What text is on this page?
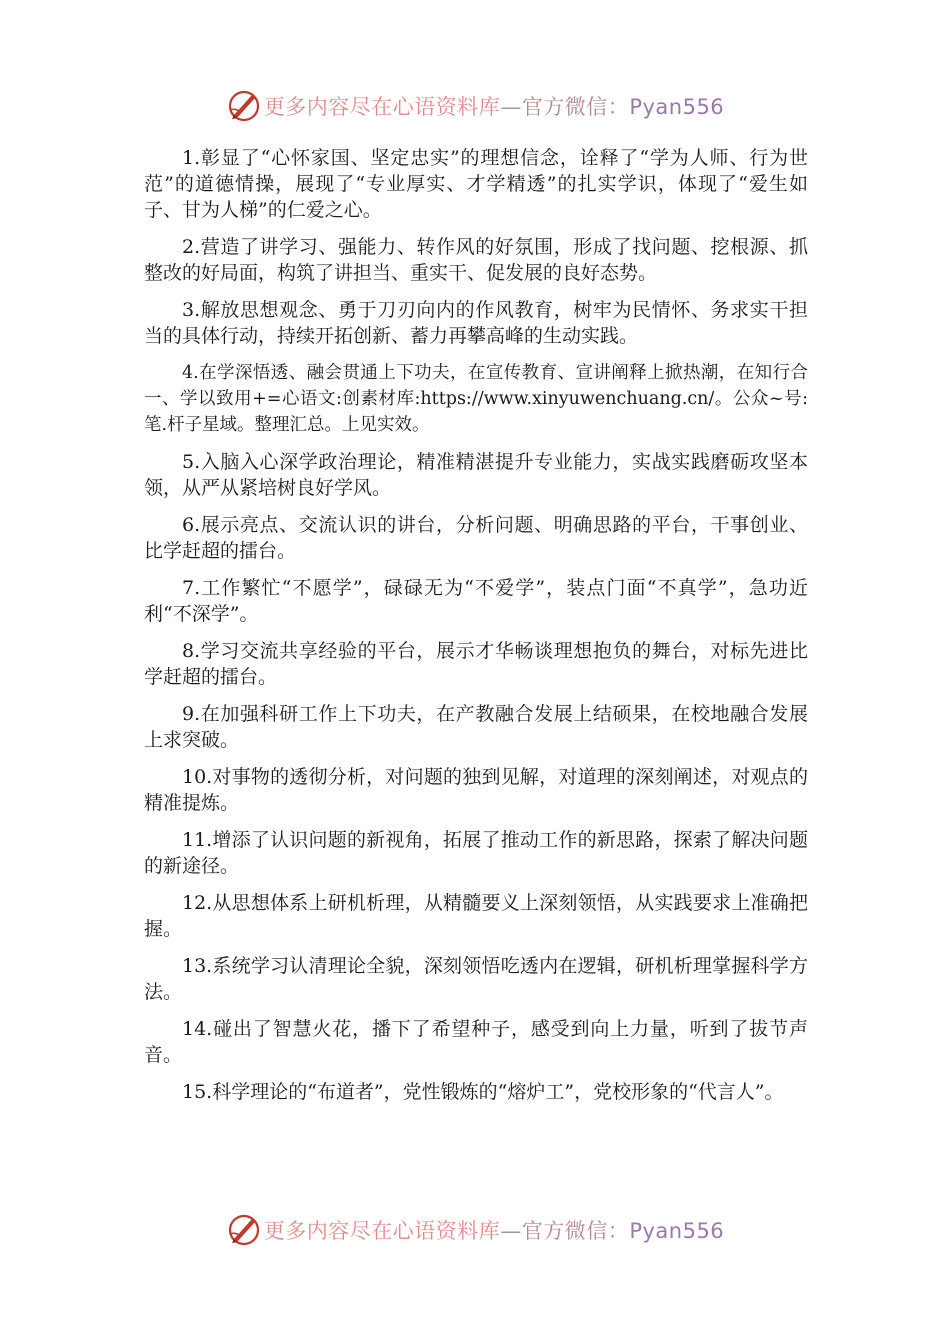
更多内容尽在心语资料库—官方微信：Pyan556

1.彰显了“心怀家国、坚定忠实”的理想信念，诠释了“学为人师、行为世范”的道德情操，展现了“专业厚实、才学精透”的扎实学识，体现了“爱生如子、甘为人梯”的仁爱之心。

2.营造了讲学习、强能力、转作风的好氛围，形成了找问题、挖根源、抓整改的好局面，构筑了讲担当、重实干、促发展的良好态势。

3.解放思想观念、勇于刀刃向内的作风教育，树牢为民情怀、务求实干担当的具体行动，持续开拓创新、蓄力再攀高峰的生动实践。

4.在学深悟透、融会贯通上下功夫，在宣传教育、宣讲阐释上掀热潮，在知行合一、学以致用+=心语文:创素材库:https://www.xinyuwenchuang.cn/。公众~号:笔.杆子星域。整理汇总。上见实效。

5.入脑入心深学政治理论，精准精湛提升专业能力，实战实践磨砺攻坚本领，从严从紧培树良好学风。

6.展示亮点、交流认识的讲台，分析问题、明确思路的平台，干事创业、比学赶超的擂台。

7.工作繁忙“不愿学”，碌碌无为“不爱学”，装点门面“不真学”，急功近利“不深学”。

8.学习交流共享经验的平台，展示才华畅谈理想抱负的舞台，对标先进比学赶超的擂台。

9.在加强科研工作上下功夫，在产教融合发展上结硕果，在校地融合发展上求突破。

10.对事物的透彻分析，对问题的独到见解，对道理的深刻阐述，对观点的精准提炼。

11.增添了认识问题的新视角，拓展了推动工作的新思路，探索了解决问题的新途径。

12.从思想体系上研机析理，从精髓要义上深刻领悟，从实践要求上准确把握。

13.系统学习认清理论全貌，深刻领悟吃透内在逻辑，研机析理掌握科学方法。

14.碰出了智慧火花，播下了希望种子，感受到向上力量，听到了拔节声音。

15.科学理论的“布道者”，党性锻炼的“熔炉工”，党校形象的“代言人”。

更多内容尽在心语资料库—官方微信：Pyan556
